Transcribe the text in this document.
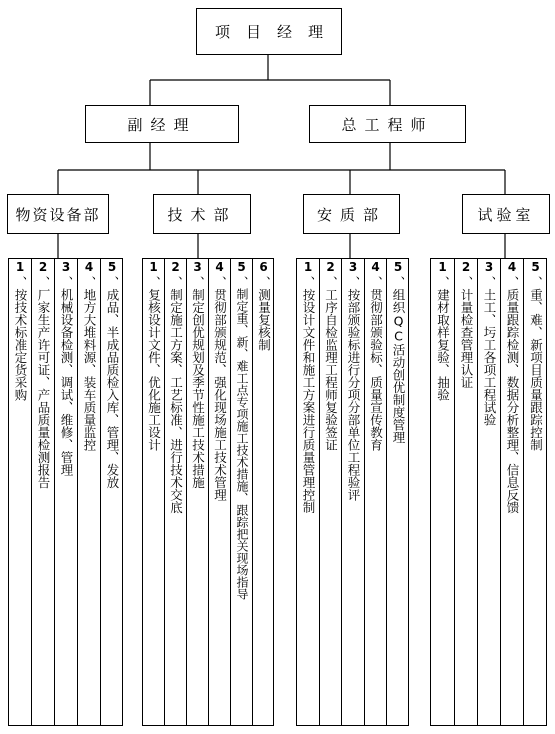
项目经理
副经理	总工程师
物资设备部	技术部	安质部	试验室
1
、按技术标准定货采购
2
、厂家生产许可证、产品质量检测报告
3
、机械设备检测、调试、维修、管理
4
、地方大堆料源、装车质量监控
5
、成品、半成品质检入库、管理、发放
1
、复核设计文件、优化施工设计
2
、制定施工方案、工艺标准、进行技术交底
3
、制定创优规划及季节性施工技术措施
4
、贯彻部颁规范、强化现场施工技术管理
5
、制定重、新、难工点专项施工技术措施、跟踪把关现场指导
6
、测量复核制
1
、按设计文件和施工方案进行质量管理控制
2
、工序自检监理工程师复验签证
3
、按部颁验标进行分项分部单位工程验评
4
、贯彻部颁验标、质量宣传教育
5
、组织QC活动创优制度管理
1
、建材取样复验、抽验
2
、计量检查管理认证
3
、土工、圬工各项工程试验
4
、质量跟踪检测、数据分析整理、信息反馈
5
、重、难、新项目质量跟踪控制
